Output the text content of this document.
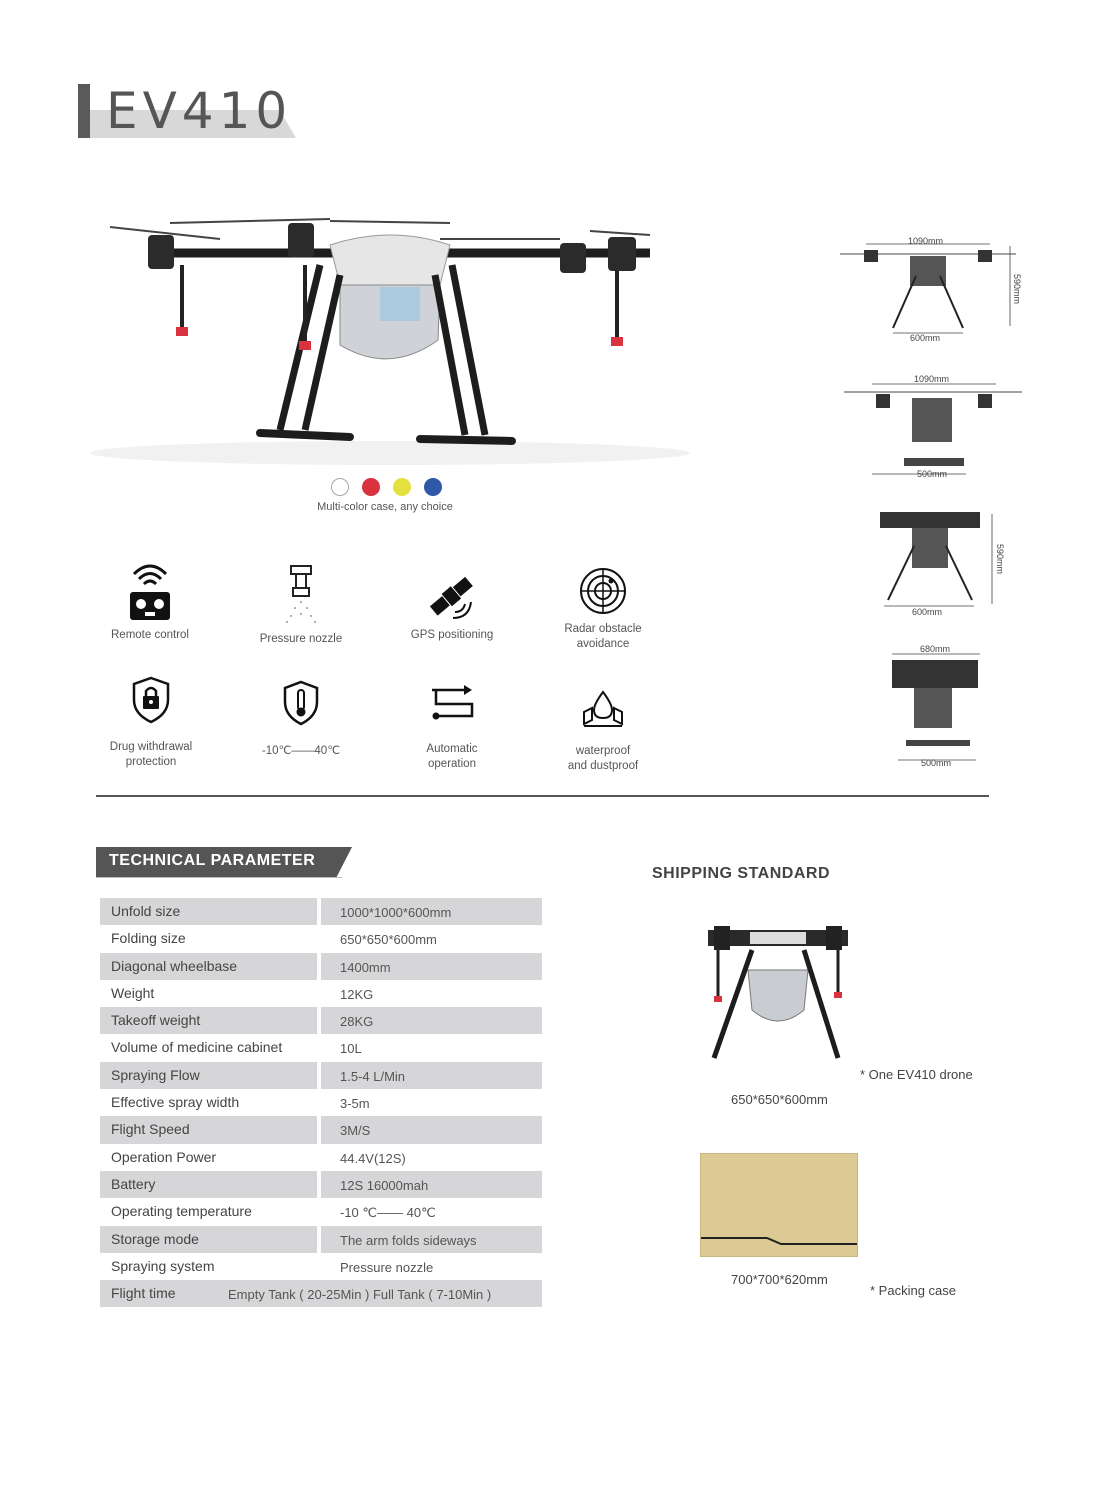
EV410
Multi-color case, any choice
1090mm
590mm
600mm
1090mm
500mm
590mm
600mm
680mm
500mm
Remote control	Pressure nozzle	GPS positioning	Radar obstacle
avoidance
Drug withdrawal
protection
-10℃——40℃	Automatic
operation
waterproof
and dustproof
TECHNICAL PARAMETER
Unfold size	1000*1000*600mm
Folding size	650*650*600mm
Diagonal wheelbase	1400mm
Weight	12KG
Takeoff weight	28KG
Volume of medicine cabinet	10L
Spraying Flow	1.5-4 L/Min
Effective spray width	3-5m
Flight Speed	3M/S
Operation Power	44.4V(12S)
Battery	12S 16000mah
Operating temperature	-10 ℃—— 40℃
Storage mode	The arm folds sideways
Spraying system	Pressure nozzle
Flight time	Empty Tank ( 20-25Min ) Full Tank ( 7-10Min )
SHIPPING STANDARD
* One EV410 drone
650*650*600mm
700*700*620mm
* Packing case
